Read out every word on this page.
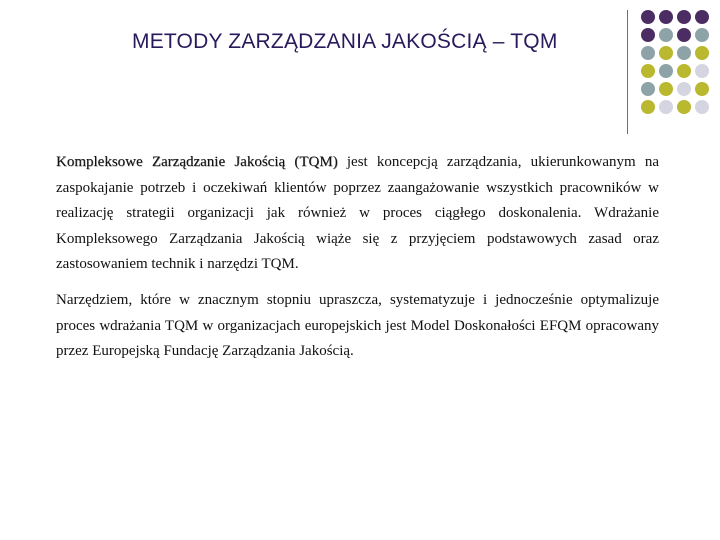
METODY ZARZĄDZANIA JAKOŚCIĄ – TQM

Kompleksowe Zarządzanie Jakością (TQM) jest koncepcją zarządzania, ukierunkowanym na zaspokajanie potrzeb i oczekiwań klientów poprzez zaangażowanie wszystkich pracowników w realizację strategii organizacji jak również w proces ciągłego doskonalenia. Wdrażanie Kompleksowego Zarządzania Jakością wiąże się z przyjęciem podstawowych zasad oraz zastosowaniem technik i narzędzi TQM.

Narzędziem, które w znacznym stopniu upraszcza, systematyzuje i jednocześnie optymalizuje proces wdrażania TQM w organizacjach europejskich jest Model Doskonałości EFQM opracowany przez Europejską Fundację Zarządzania Jakością.
